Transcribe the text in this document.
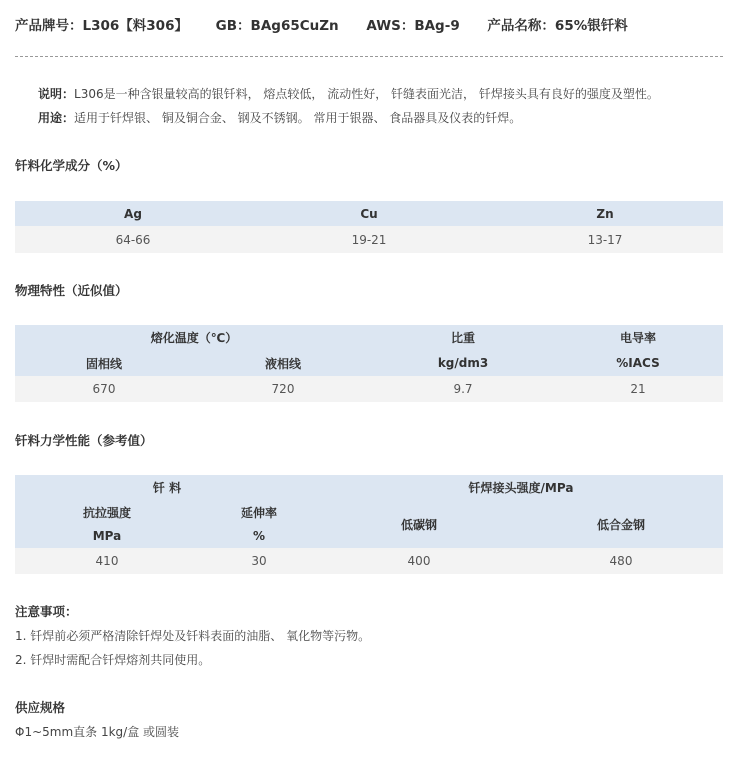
产品牌号：L306【料306】 GB：BAg65CuZn AWS：BAg-9 产品名称：65%银钎料
说明：L306是一种含银量较高的银钎料， 熔点较低， 流动性好， 钎缝表面光洁， 钎焊接头具有良好的强度及塑性。
用途：适用于钎焊银、 铜及铜合金、 钢及不锈钢。 常用于银器、 食品器具及仪表的钎焊。
钎料化学成分（%）
Ag	Cu	Zn
64-66	19-21	13-17
物理特性（近似值）
熔化温度（℃）		比重	电导率
固相线	液相线	kg/dm3	%IACS
670	720	9.7	21
钎料力学性能（参考值）
钎 料		钎焊接头强度/MPa	
抗拉强度	延伸率	低碳钢	低合金钢
MPa	%		
410	30	400	480
注意事项：
1. 钎焊前必须严格清除钎焊处及钎料表面的油脂、 氧化物等污物。
2. 钎焊时需配合钎焊熔剂共同使用。
供应规格
Φ1~5mm直条 1kg/盒 或圆装
